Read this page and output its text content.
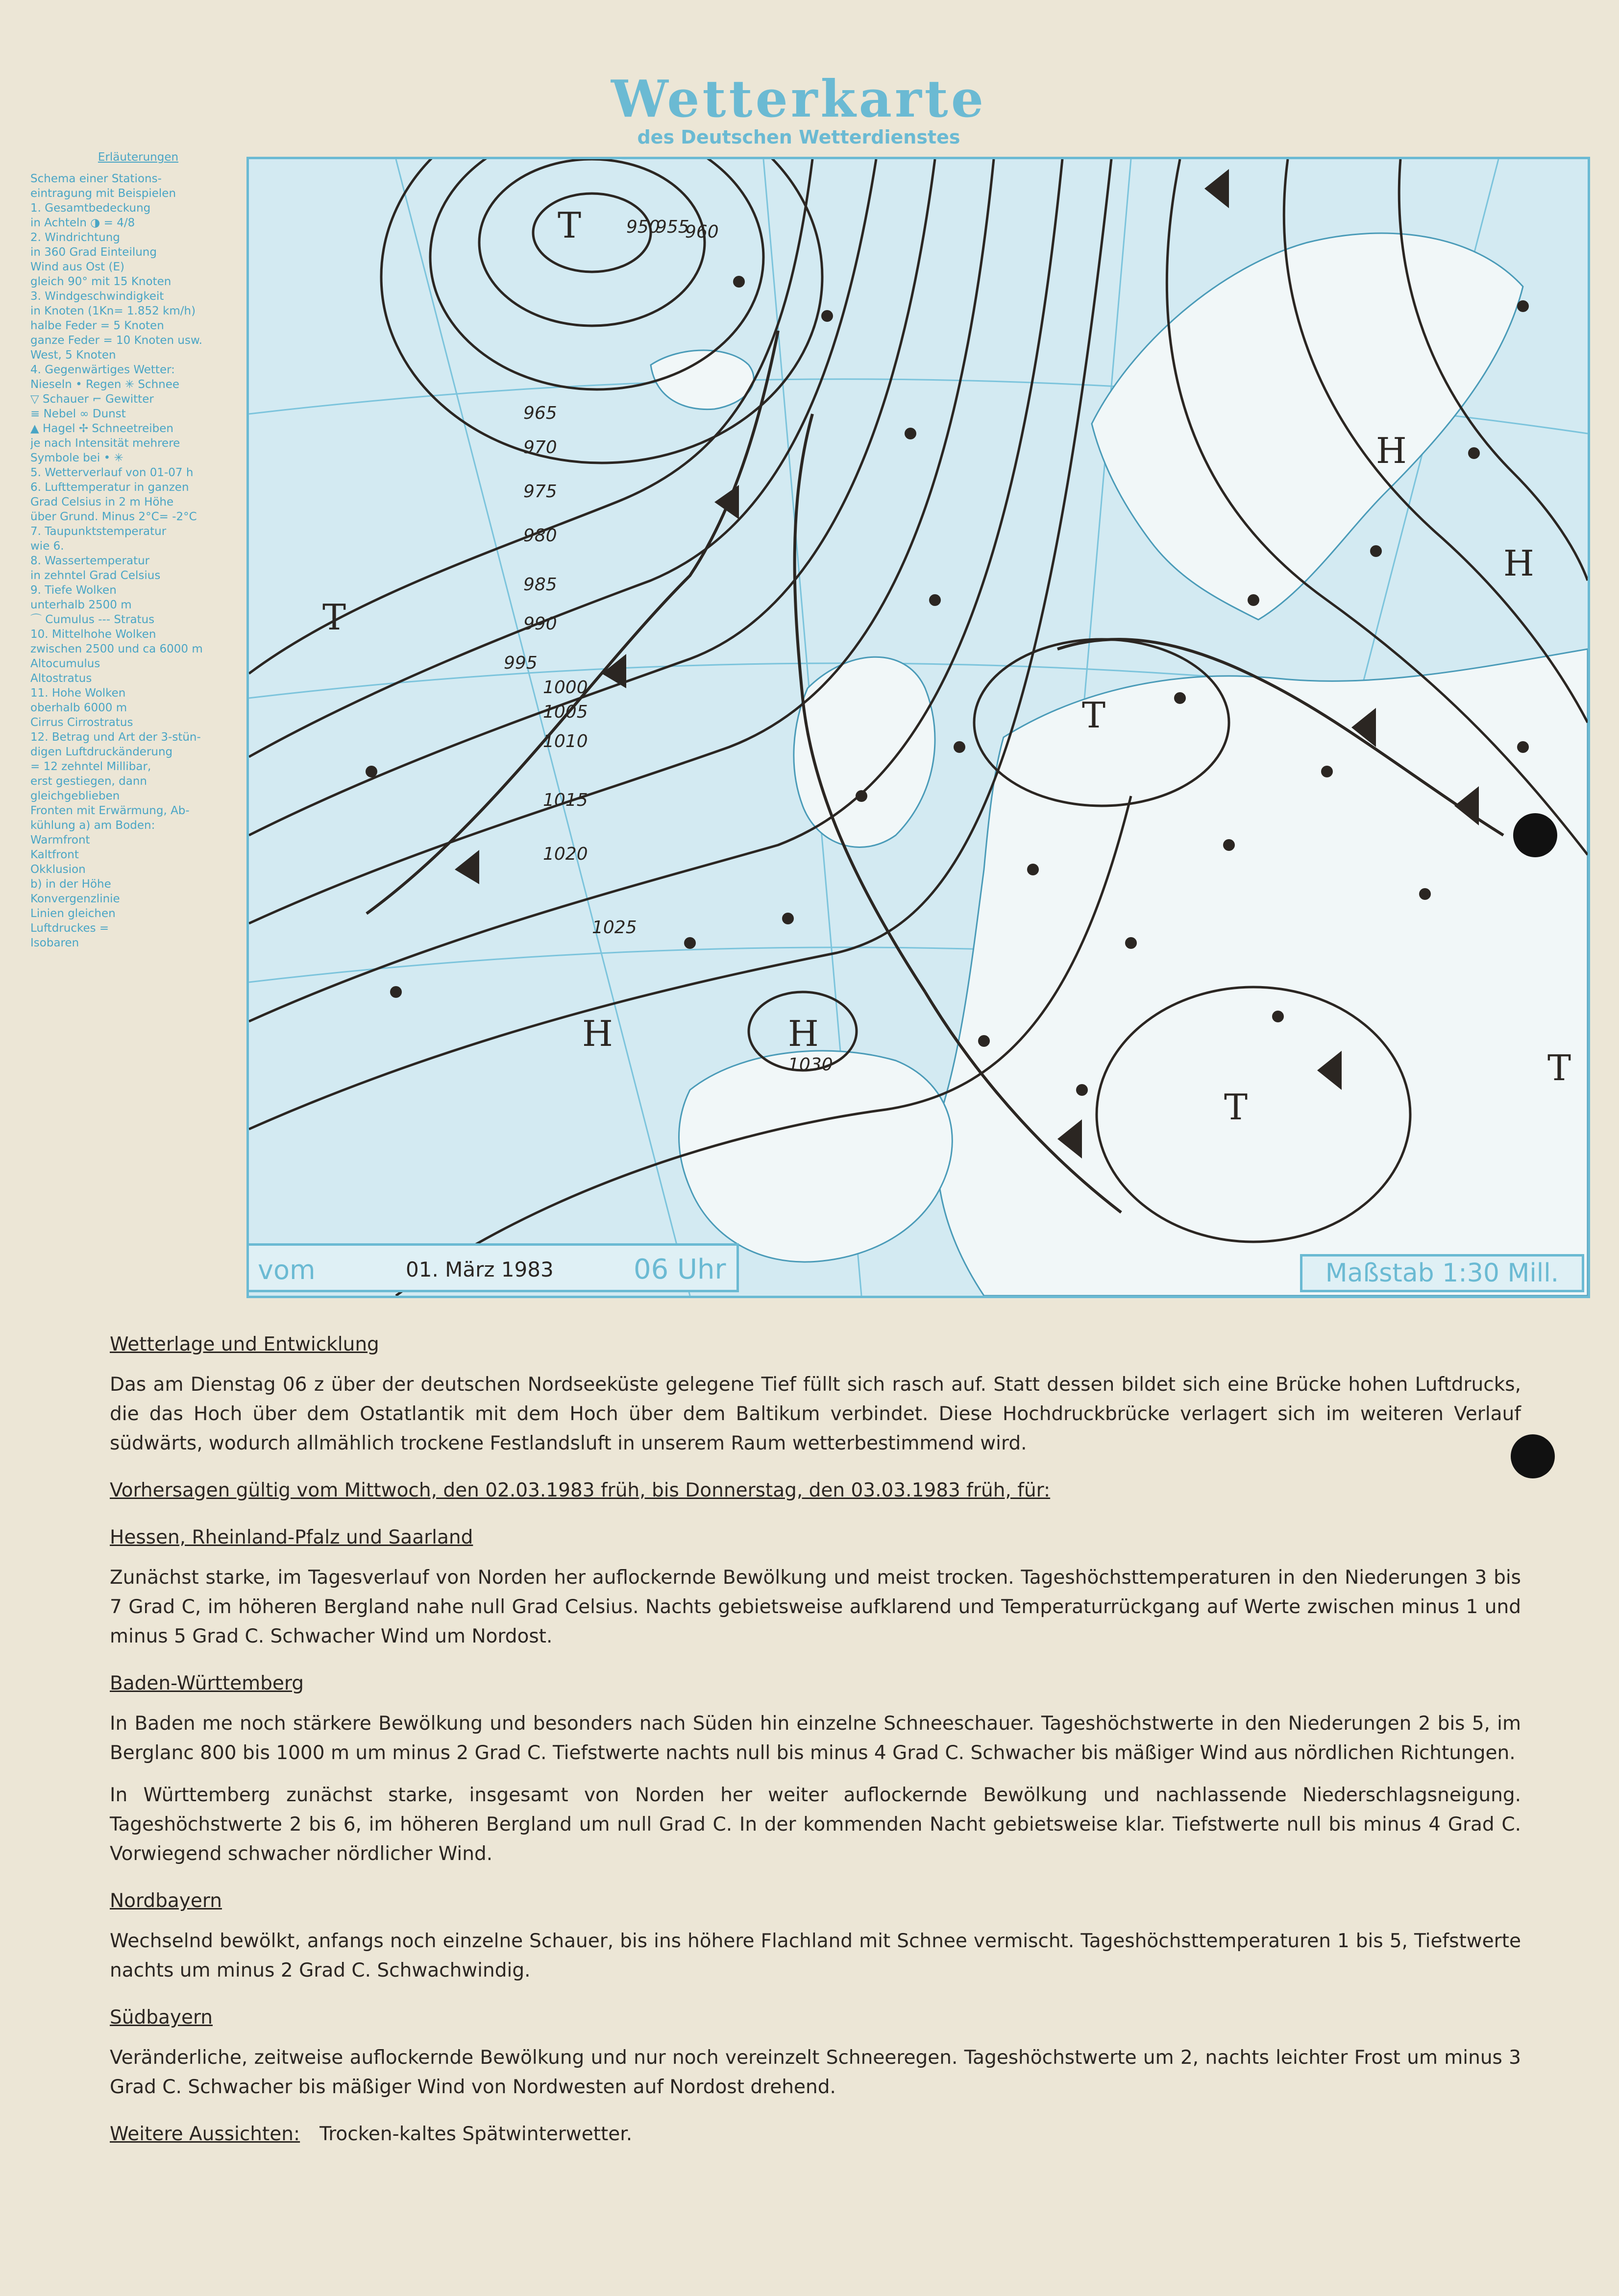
Wetterkarte
des Deutschen Wetterdienstes
Erläuterungen
Schema einer Stations-
eintragung mit Beispielen
1. Gesamtbedeckung
in Achteln ◑ = 4/8
2. Windrichtung
in 360 Grad Einteilung
Wind aus Ost (E)
gleich 90° mit 15 Knoten
3. Windgeschwindigkeit
in Knoten (1Kn= 1.852 km/h)
halbe Feder = 5 Knoten
ganze Feder = 10 Knoten usw.
West, 5 Knoten
4. Gegenwärtiges Wetter:
Nieseln • Regen ✳ Schnee
▽ Schauer ⌐ Gewitter
≡ Nebel ∞ Dunst
▲ Hagel ✢ Schneetreiben
je nach Intensität mehrere
Symbole bei • ✳
5. Wetterverlauf von 01-07 h
6. Lufttemperatur in ganzen
Grad Celsius in 2 m Höhe
über Grund. Minus 2°C= -2°C
7. Taupunktstemperatur
wie 6.
8. Wassertemperatur
in zehntel Grad Celsius
9. Tiefe Wolken
unterhalb 2500 m
⌒ Cumulus --- Stratus
10. Mittelhohe Wolken
zwischen 2500 und ca 6000 m
Altocumulus
Altostratus
11. Hohe Wolken
oberhalb 6000 m
Cirrus Cirrostratus
12. Betrag und Art der 3-stün-
digen Luftdruckänderung
= 12 zehntel Millibar,
erst gestiegen, dann
gleichgeblieben
Fronten mit Erwärmung, Ab-
kühlung a) am Boden:
Warmfront
Kaltfront
Okklusion
b) in der Höhe
Konvergenzlinie
Linien gleichen
Luftdruckes =
Isobaren
950
955
960
965
970
975
980
985
990
995
1000
1005
1010
1015
1020
1025
1030
T
T
T
T
T
H
H
H
H
vom	01. März 1983	06 Uhr	Maßstab 1:30 Mill.

Wetterlage und Entwicklung

Das am Dienstag 06 z über der deutschen Nordseeküste gelegene Tief füllt sich rasch auf. Statt dessen bildet sich eine Brücke hohen Luftdrucks, die das Hoch über dem Ostatlantik mit dem Hoch über dem Baltikum verbindet. Diese Hochdruckbrücke verlagert sich im weiteren Verlauf südwärts, wodurch allmählich trockene Festlandsluft in unserem Raum wetterbestimmend wird.

Vorhersagen gültig vom Mittwoch, den 02.03.1983 früh, bis Donnerstag, den 03.03.1983 früh, für:

Hessen, Rheinland-Pfalz und Saarland

Zunächst starke, im Tagesverlauf von Norden her auflockernde Bewölkung und meist trocken. Tageshöchsttemperaturen in den Niederungen 3 bis 7 Grad C, im höheren Bergland nahe null Grad Celsius. Nachts gebietsweise aufklarend und Temperaturrückgang auf Werte zwischen minus 1 und minus 5 Grad C. Schwacher Wind um Nordost.

Baden-Württemberg

In Baden me noch stärkere Bewölkung und besonders nach Süden hin einzelne Schneeschauer. Tageshöchstwerte in den Niederungen 2 bis 5, im Berglanc 800 bis 1000 m um minus 2 Grad C. Tiefstwerte nachts null bis minus 4 Grad C. Schwacher bis mäßiger Wind aus nördlichen Richtungen.

In Württemberg zunächst starke, insgesamt von Norden her weiter auflockernde Bewölkung und nachlassende Niederschlagsneigung. Tageshöchstwerte 2 bis 6, im höheren Bergland um null Grad C. In der kommenden Nacht gebietsweise klar. Tiefstwerte null bis minus 4 Grad C. Vorwiegend schwacher nördlicher Wind.

Nordbayern

Wechselnd bewölkt, anfangs noch einzelne Schauer, bis ins höhere Flachland mit Schnee vermischt. Tageshöchsttemperaturen 1 bis 5, Tiefstwerte nachts um minus 2 Grad C. Schwachwindig.

Südbayern

Veränderliche, zeitweise auflockernde Bewölkung und nur noch vereinzelt Schneeregen. Tageshöchstwerte um 2, nachts leichter Frost um minus 3 Grad C. Schwacher bis mäßiger Wind von Nordwesten auf Nordost drehend.

Weitere Aussichten: Trocken-kaltes Spätwinterwetter.
